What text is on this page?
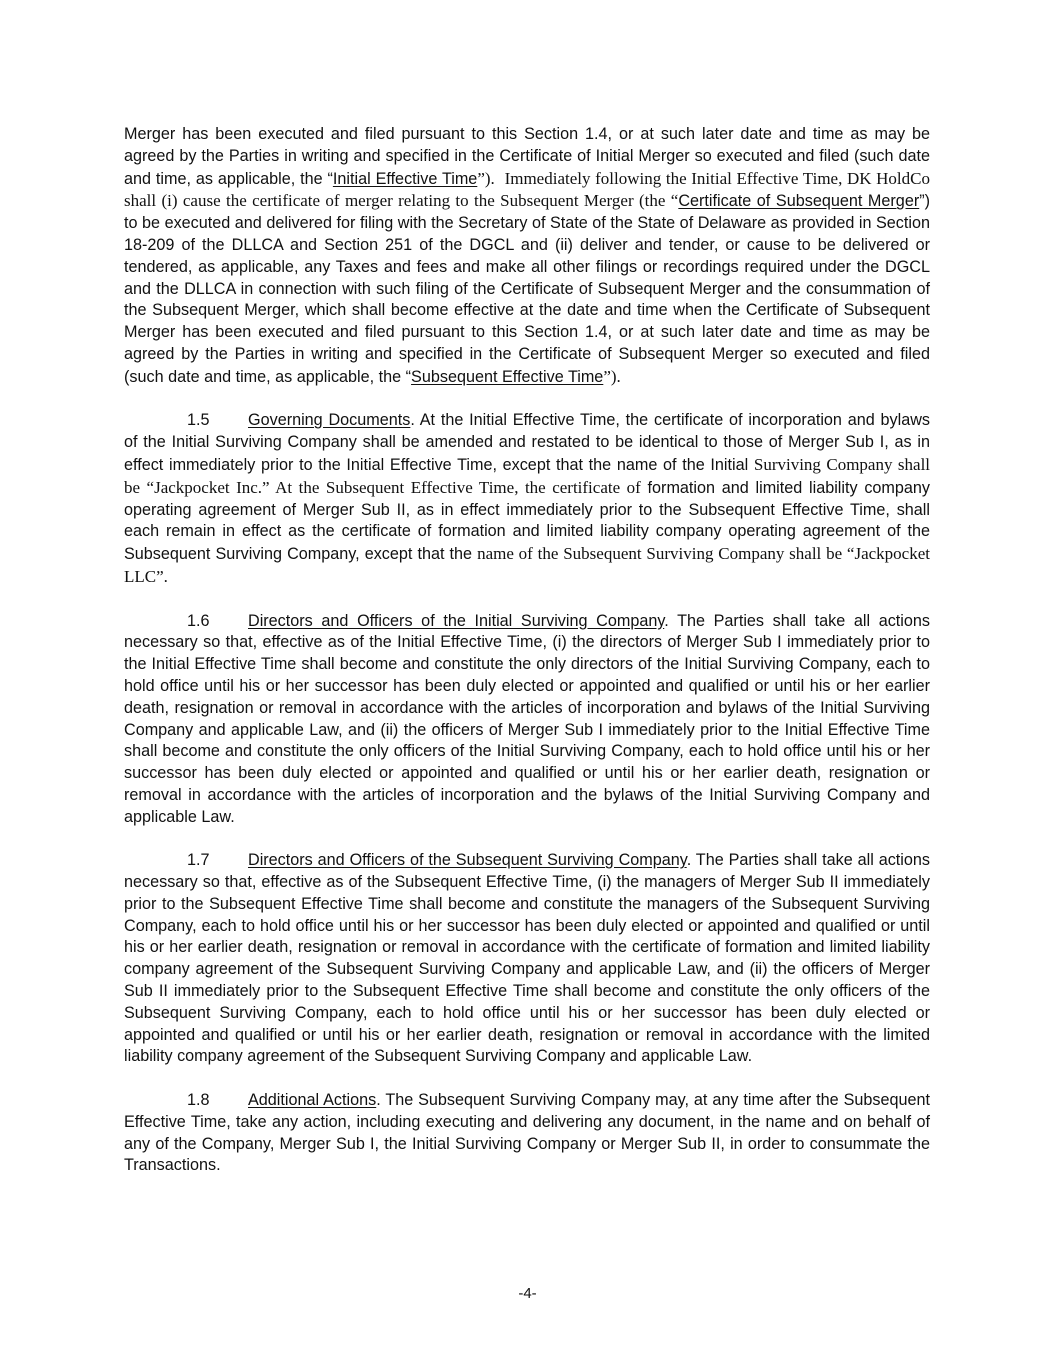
Merger has been executed and filed pursuant to this Section 1.4, or at such later date and time as may be agreed by the Parties in writing and specified in the Certificate of Initial Merger so executed and filed (such date and time, as applicable, the “Initial Effective Time”). Immediately following the Initial Effective Time, DK HoldCo shall (i) cause the certificate of merger relating to the Subsequent Merger (the “Certificate of Subsequent Merger”) to be executed and delivered for filing with the Secretary of State of the State of Delaware as provided in Section 18-209 of the DLLCA and Section 251 of the DGCL and (ii) deliver and tender, or cause to be delivered or tendered, as applicable, any Taxes and fees and make all other filings or recordings required under the DGCL and the DLLCA in connection with such filing of the Certificate of Subsequent Merger and the consummation of the Subsequent Merger, which shall become effective at the date and time when the Certificate of Subsequent Merger has been executed and filed pursuant to this Section 1.4, or at such later date and time as may be agreed by the Parties in writing and specified in the Certificate of Subsequent Merger so executed and filed (such date and time, as applicable, the “Subsequent Effective Time”).

1.5 Governing Documents. At the Initial Effective Time, the certificate of incorporation and bylaws of the Initial Surviving Company shall be amended and restated to be identical to those of Merger Sub I, as in effect immediately prior to the Initial Effective Time, except that the name of the Initial Surviving Company shall be “Jackpocket Inc.” At the Subsequent Effective Time, the certificate of formation and limited liability company operating agreement of Merger Sub II, as in effect immediately prior to the Subsequent Effective Time, shall each remain in effect as the certificate of formation and limited liability company operating agreement of the Subsequent Surviving Company, except that the name of the Subsequent Surviving Company shall be “Jackpocket LLC”.

1.6 Directors and Officers of the Initial Surviving Company. The Parties shall take all actions necessary so that, effective as of the Initial Effective Time, (i) the directors of Merger Sub I immediately prior to the Initial Effective Time shall become and constitute the only directors of the Initial Surviving Company, each to hold office until his or her successor has been duly elected or appointed and qualified or until his or her earlier death, resignation or removal in accordance with the articles of incorporation and bylaws of the Initial Surviving Company and applicable Law, and (ii) the officers of Merger Sub I immediately prior to the Initial Effective Time shall become and constitute the only officers of the Initial Surviving Company, each to hold office until his or her successor has been duly elected or appointed and qualified or until his or her earlier death, resignation or removal in accordance with the articles of incorporation and the bylaws of the Initial Surviving Company and applicable Law.

1.7 Directors and Officers of the Subsequent Surviving Company. The Parties shall take all actions necessary so that, effective as of the Subsequent Effective Time, (i) the managers of Merger Sub II immediately prior to the Subsequent Effective Time shall become and constitute the managers of the Subsequent Surviving Company, each to hold office until his or her successor has been duly elected or appointed and qualified or until his or her earlier death, resignation or removal in accordance with the certificate of formation and limited liability company agreement of the Subsequent Surviving Company and applicable Law, and (ii) the officers of Merger Sub II immediately prior to the Subsequent Effective Time shall become and constitute the only officers of the Subsequent Surviving Company, each to hold office until his or her successor has been duly elected or appointed and qualified or until his or her earlier death, resignation or removal in accordance with the limited liability company agreement of the Subsequent Surviving Company and applicable Law.

1.8 Additional Actions. The Subsequent Surviving Company may, at any time after the Subsequent Effective Time, take any action, including executing and delivering any document, in the name and on behalf of any of the Company, Merger Sub I, the Initial Surviving Company or Merger Sub II, in order to consummate the Transactions.

-4-
